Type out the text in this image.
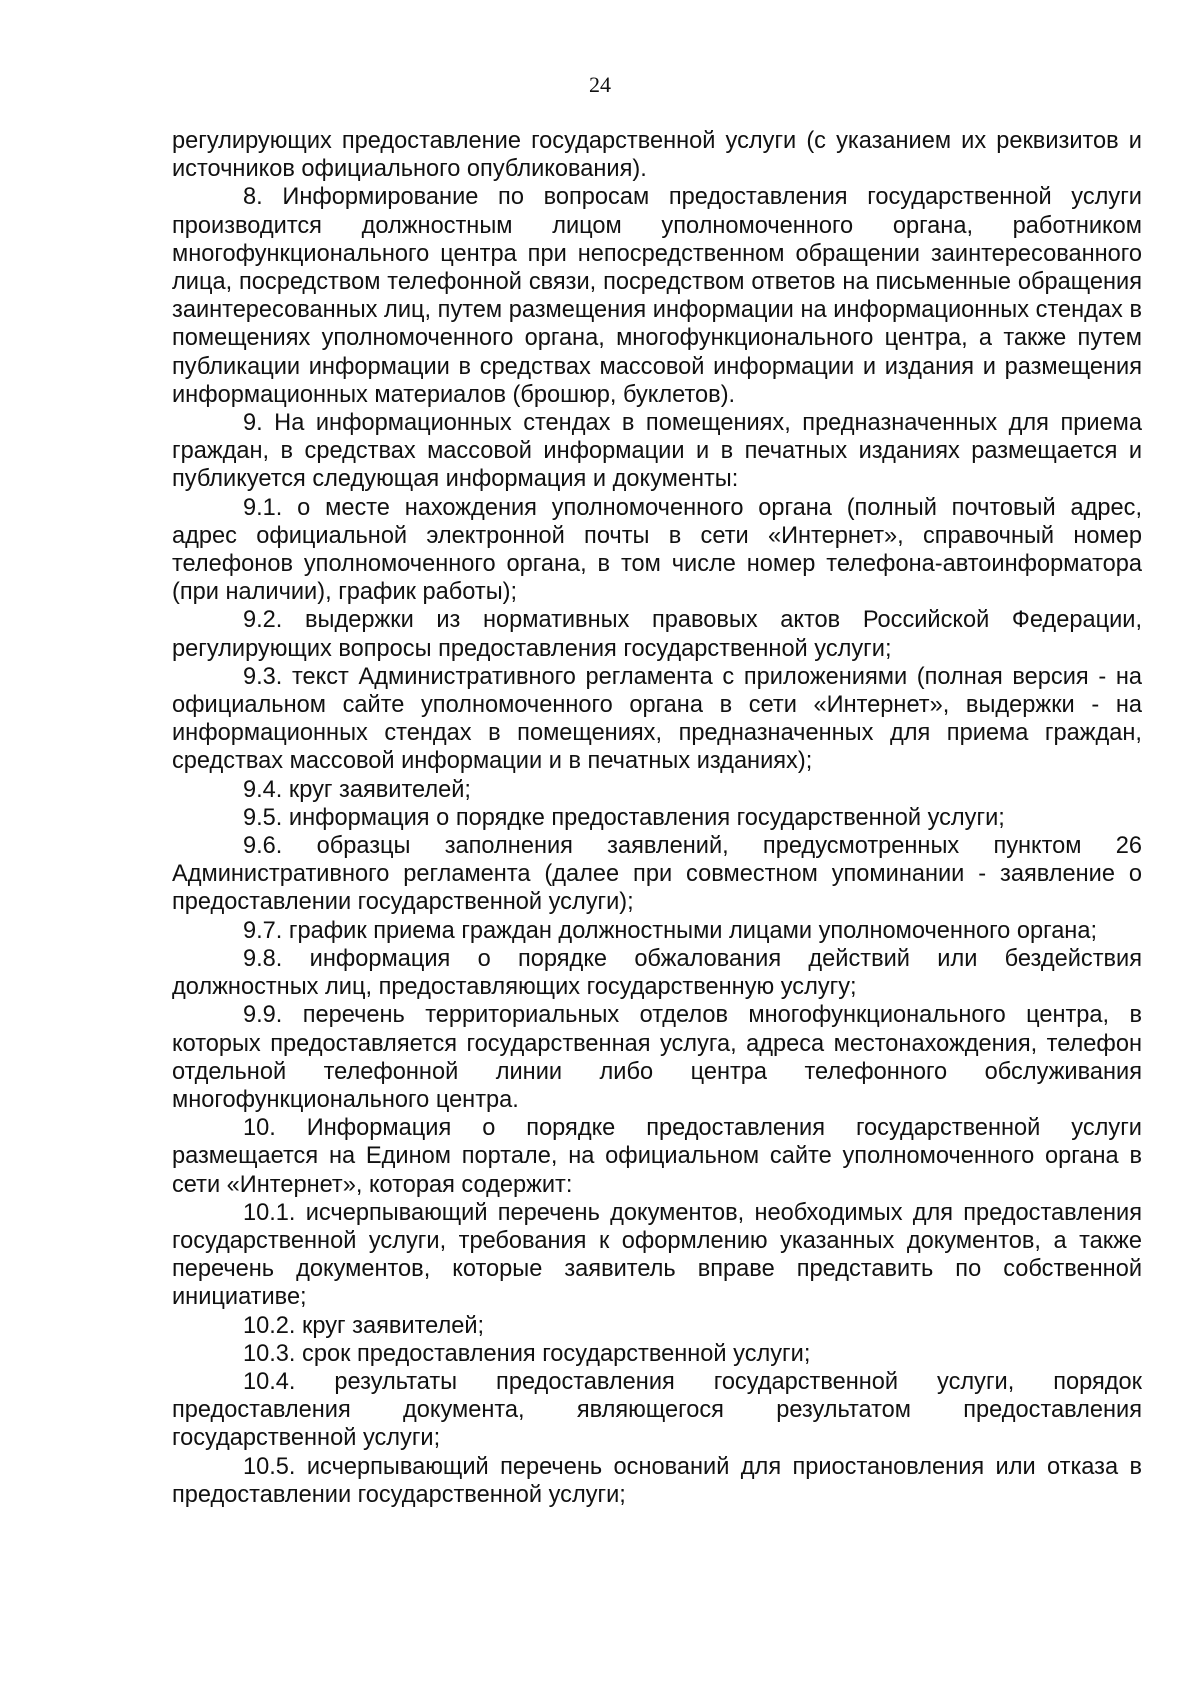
24

регулирующих предоставление государственной услуги (с указанием их реквизитов и источников официального опубликования).

8. Информирование по вопросам предоставления государственной услуги производится должностным лицом уполномоченного органа, работником многофункционального центра при непосредственном обращении заинтересованного лица, посредством телефонной связи, посредством ответов на письменные обращения заинтересованных лиц, путем размещения информации на информационных стендах в помещениях уполномоченного органа, многофункционального центра, а также путем публикации информации в средствах массовой информации и издания и размещения информационных материалов (брошюр, буклетов).

9. На информационных стендах в помещениях, предназначенных для приема граждан, в средствах массовой информации и в печатных изданиях размещается и публикуется следующая информация и документы:

9.1. о месте нахождения уполномоченного органа (полный почтовый адрес, адрес официальной электронной почты в сети «Интернет», справочный номер телефонов уполномоченного органа, в том числе номер телефона-автоинформатора (при наличии), график работы);

9.2. выдержки из нормативных правовых актов Российской Федерации, регулирующих вопросы предоставления государственной услуги;

9.3. текст Административного регламента с приложениями (полная версия - на официальном сайте уполномоченного органа в сети «Интернет», выдержки - на информационных стендах в помещениях, предназначенных для приема граждан, средствах массовой информации и в печатных изданиях);

9.4. круг заявителей;

9.5. информация о порядке предоставления государственной услуги;

9.6. образцы заполнения заявлений, предусмотренных пунктом 26 Административного регламента (далее при совместном упоминании - заявление о предоставлении государственной услуги);

9.7. график приема граждан должностными лицами уполномоченного органа;

9.8. информация о порядке обжалования действий или бездействия должностных лиц, предоставляющих государственную услугу;

9.9. перечень территориальных отделов многофункционального центра, в которых предоставляется государственная услуга, адреса местонахождения, телефон отдельной телефонной линии либо центра телефонного обслуживания многофункционального центра.

10. Информация о порядке предоставления государственной услуги размещается на Едином портале, на официальном сайте уполномоченного органа в сети «Интернет», которая содержит:

10.1. исчерпывающий перечень документов, необходимых для предоставления государственной услуги, требования к оформлению указанных документов, а также перечень документов, которые заявитель вправе представить по собственной инициативе;

10.2. круг заявителей;

10.3. срок предоставления государственной услуги;

10.4. результаты предоставления государственной услуги, порядок предоставления документа, являющегося результатом предоставления государственной услуги;

10.5. исчерпывающий перечень оснований для приостановления или отказа в предоставлении государственной услуги;
